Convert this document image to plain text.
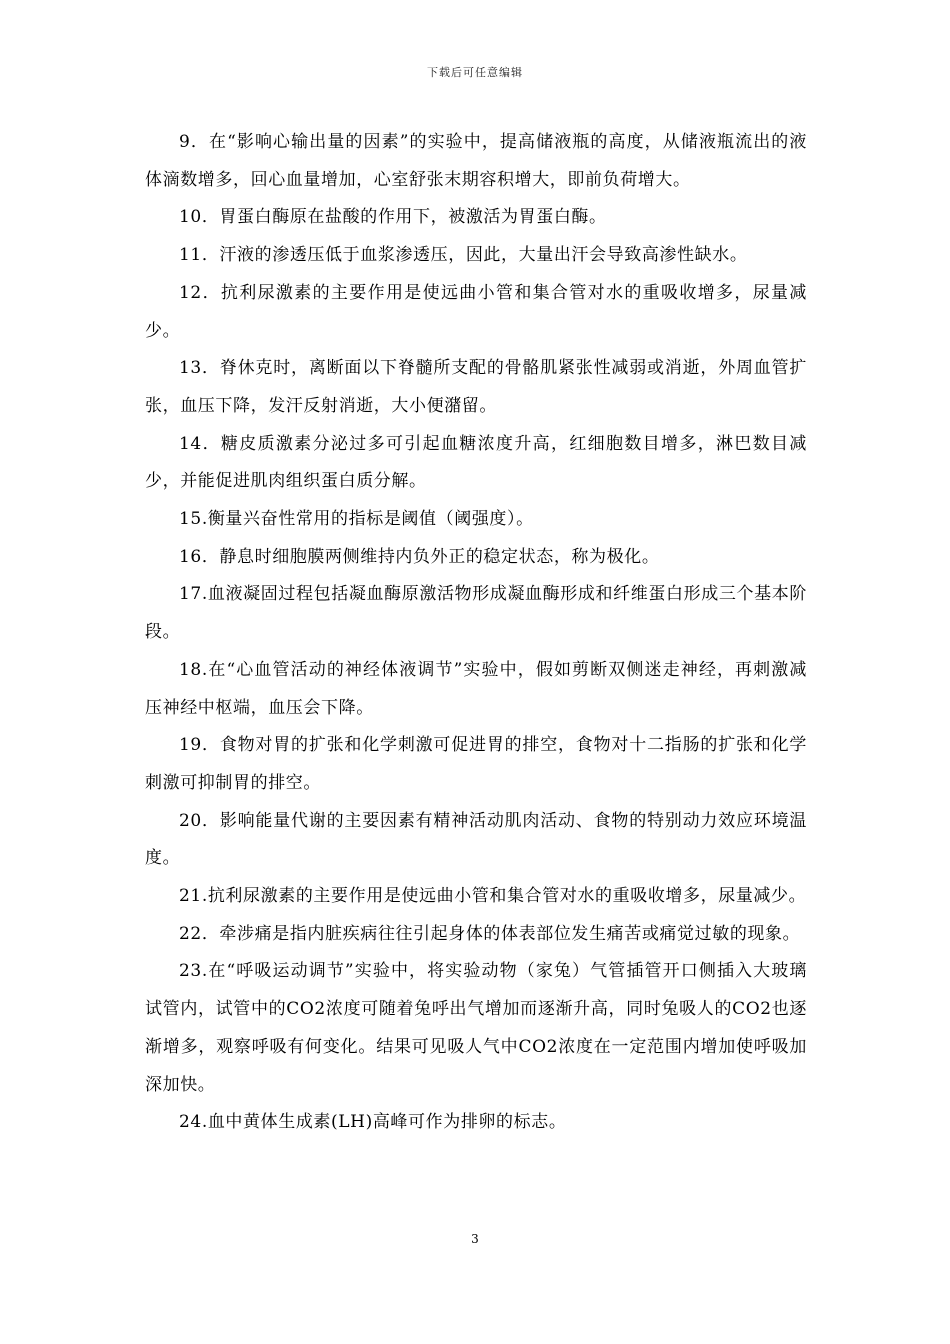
下载后可任意编辑

9．在“影响心输出量的因素”的实验中，提高储液瓶的高度，从储液瓶流出的液体滴数增多，回心血量增加，心室舒张末期容积增大，即前负荷增大。

10．胃蛋白酶原在盐酸的作用下，被激活为胃蛋白酶。

11．汗液的渗透压低于血浆渗透压，因此，大量出汗会导致高渗性缺水。

12．抗利尿激素的主要作用是使远曲小管和集合管对水的重吸收增多，尿量减少。

13．脊休克时，离断面以下脊髓所支配的骨骼肌紧张性减弱或消逝，外周血管扩张，血压下降，发汗反射消逝，大小便潴留。

14．糖皮质激素分泌过多可引起血糖浓度升高，红细胞数目增多，淋巴数目减少，并能促进肌肉组织蛋白质分解。

15.衡量兴奋性常用的指标是阈值（阈强度）。

16．静息时细胞膜两侧维持内负外正的稳定状态，称为极化。

17.血液凝固过程包括凝血酶原激活物形成凝血酶形成和纤维蛋白形成三个基本阶段。

18.在“心血管活动的神经体液调节”实验中，假如剪断双侧迷走神经，再刺激减压神经中枢端，血压会下降。

19．食物对胃的扩张和化学刺激可促进胃的排空，食物对十二指肠的扩张和化学刺激可抑制胃的排空。

20．影响能量代谢的主要因素有精神活动肌肉活动、食物的特别动力效应环境温度。

21.抗利尿激素的主要作用是使远曲小管和集合管对水的重吸收增多，尿量减少。

22．牵涉痛是指内脏疾病往往引起身体的体表部位发生痛苦或痛觉过敏的现象。

23.在“呼吸运动调节”实验中，将实验动物（家兔）气管插管开口侧插入大玻璃试管内，试管中的CO2浓度可随着兔呼出气增加而逐渐升高，同时兔吸人的CO2也逐渐增多，观察呼吸有何变化。结果可见吸人气中CO2浓度在一定范围内增加使呼吸加深加快。

24.血中黄体生成素(LH)高峰可作为排卵的标志。

3
